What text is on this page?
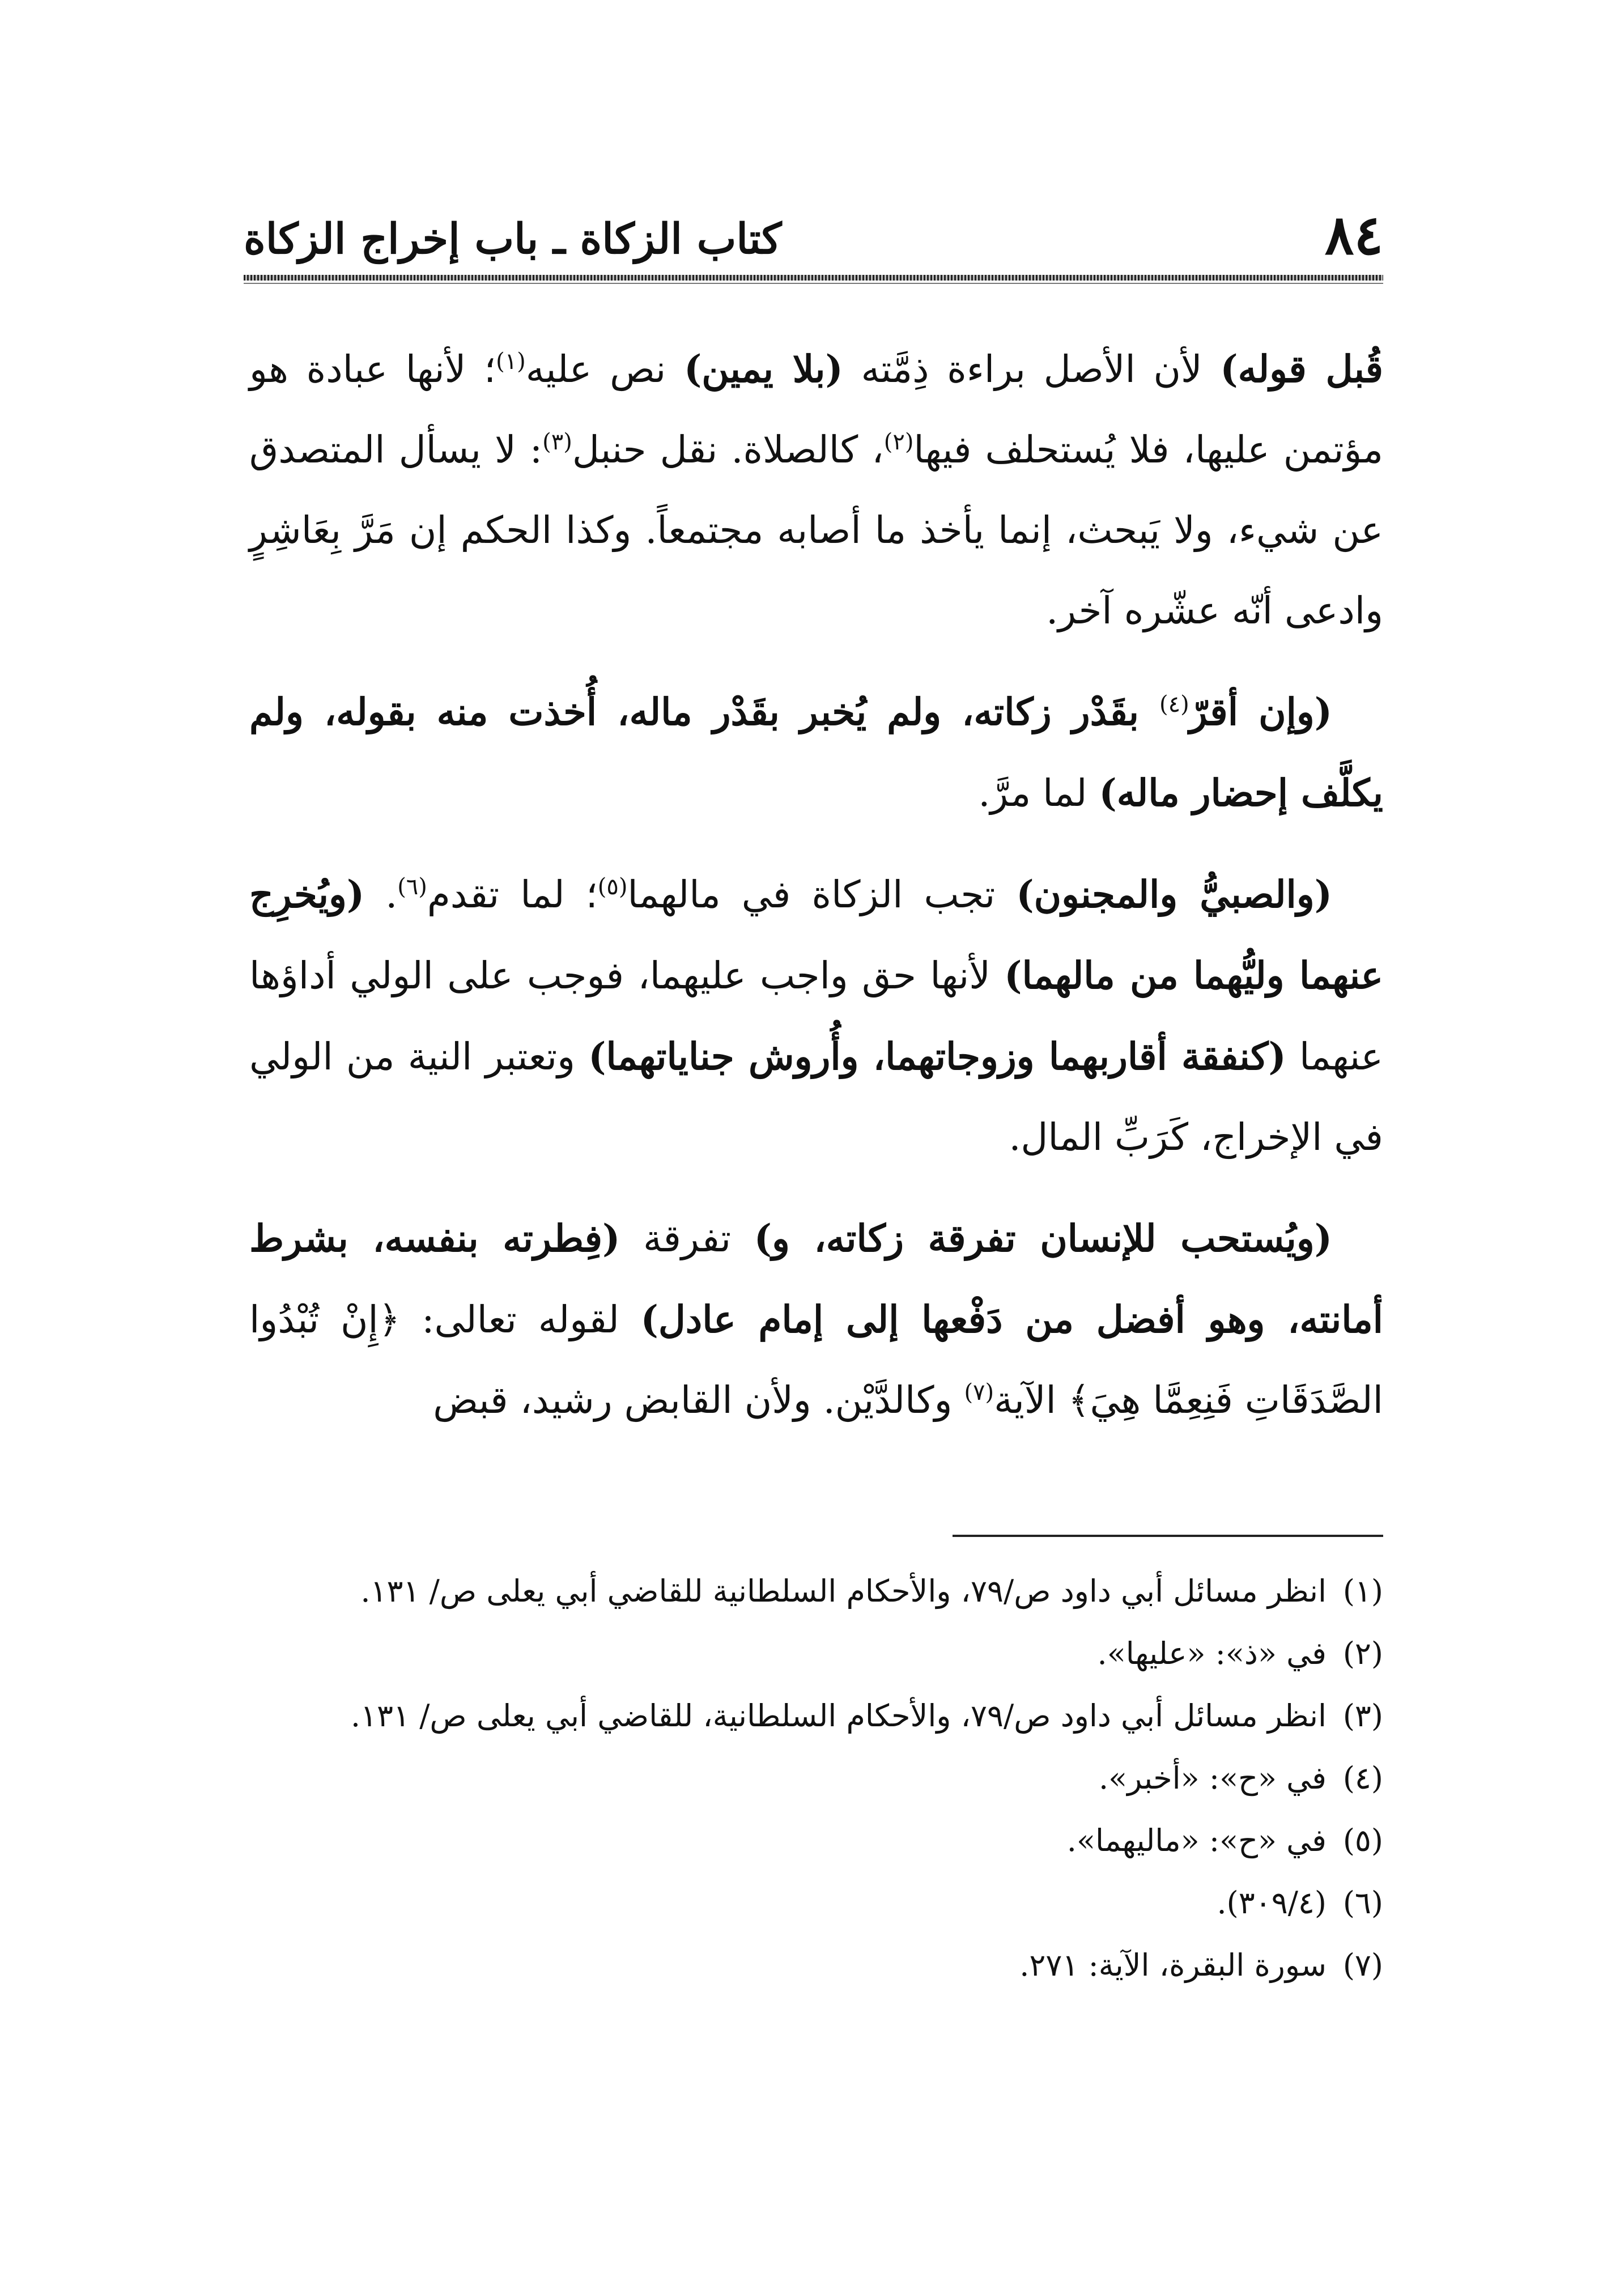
٨٤
كتاب الزكاة ـ باب إخراج الزكاة

قُبل قوله) لأن الأصل براءة ذِمَّته (بلا يمين) نص عليه$^{(١)}$؛ لأنها عبادة هو مؤتمن عليها، فلا يُستحلف فيها$^{(٢)}$، كالصلاة. نقل حنبل$^{(٣)}$: لا يسأل المتصدق عن شيء، ولا يَبحث، إنما يأخذ ما أصابه مجتمعاً. وكذا الحكم إن مَرَّ بِعَاشِرٍ وادعى أنّه عشّره آخر.

(وإن أقرّ$^{(٤)}$ بقَدْر زكاته، ولم يُخبر بقَدْر ماله، أُخذت منه بقوله، ولم يكلَّف إحضار ماله) لما مرَّ.

(والصبيُّ والمجنون) تجب الزكاة في مالهما$^{(٥)}$؛ لما تقدم$^{(٦)}$. (ويُخرِج عنهما وليُّهما من مالهما) لأنها حق واجب عليهما، فوجب على الولي أداؤها عنهما (كنفقة أقاربهما وزوجاتهما، وأُروش جناياتهما) وتعتبر النية من الولي في الإخراج، كَرَبِّ المال.

(ويُستحب للإنسان تفرقة زكاته، و) تفرقة (فِطرته بنفسه، بشرط أمانته، وهو أفضل من دَفْعها إلى إمام عادل) لقوله تعالى: ﴿إِنْ تُبْدُوا الصَّدَقَاتِ فَنِعِمَّا هِيَ﴾ الآية$^{(٧)}$ وكالدَّيْن. ولأن القابض رشيد، قبض

(١)
انظر مسائل أبي داود ص/٧٩، والأحكام السلطانية للقاضي أبي يعلى ص/ ١٣١.
(٢)
في «ذ»: «عليها».
(٣)
انظر مسائل أبي داود ص/٧٩، والأحكام السلطانية، للقاضي أبي يعلى ص/ ١٣١.
(٤)
في «ح»: «أخبر».
(٥)
في «ح»: «ماليهما».
(٦)
(٣٠٩/٤).
(٧)
سورة البقرة، الآية: ٢٧١.
